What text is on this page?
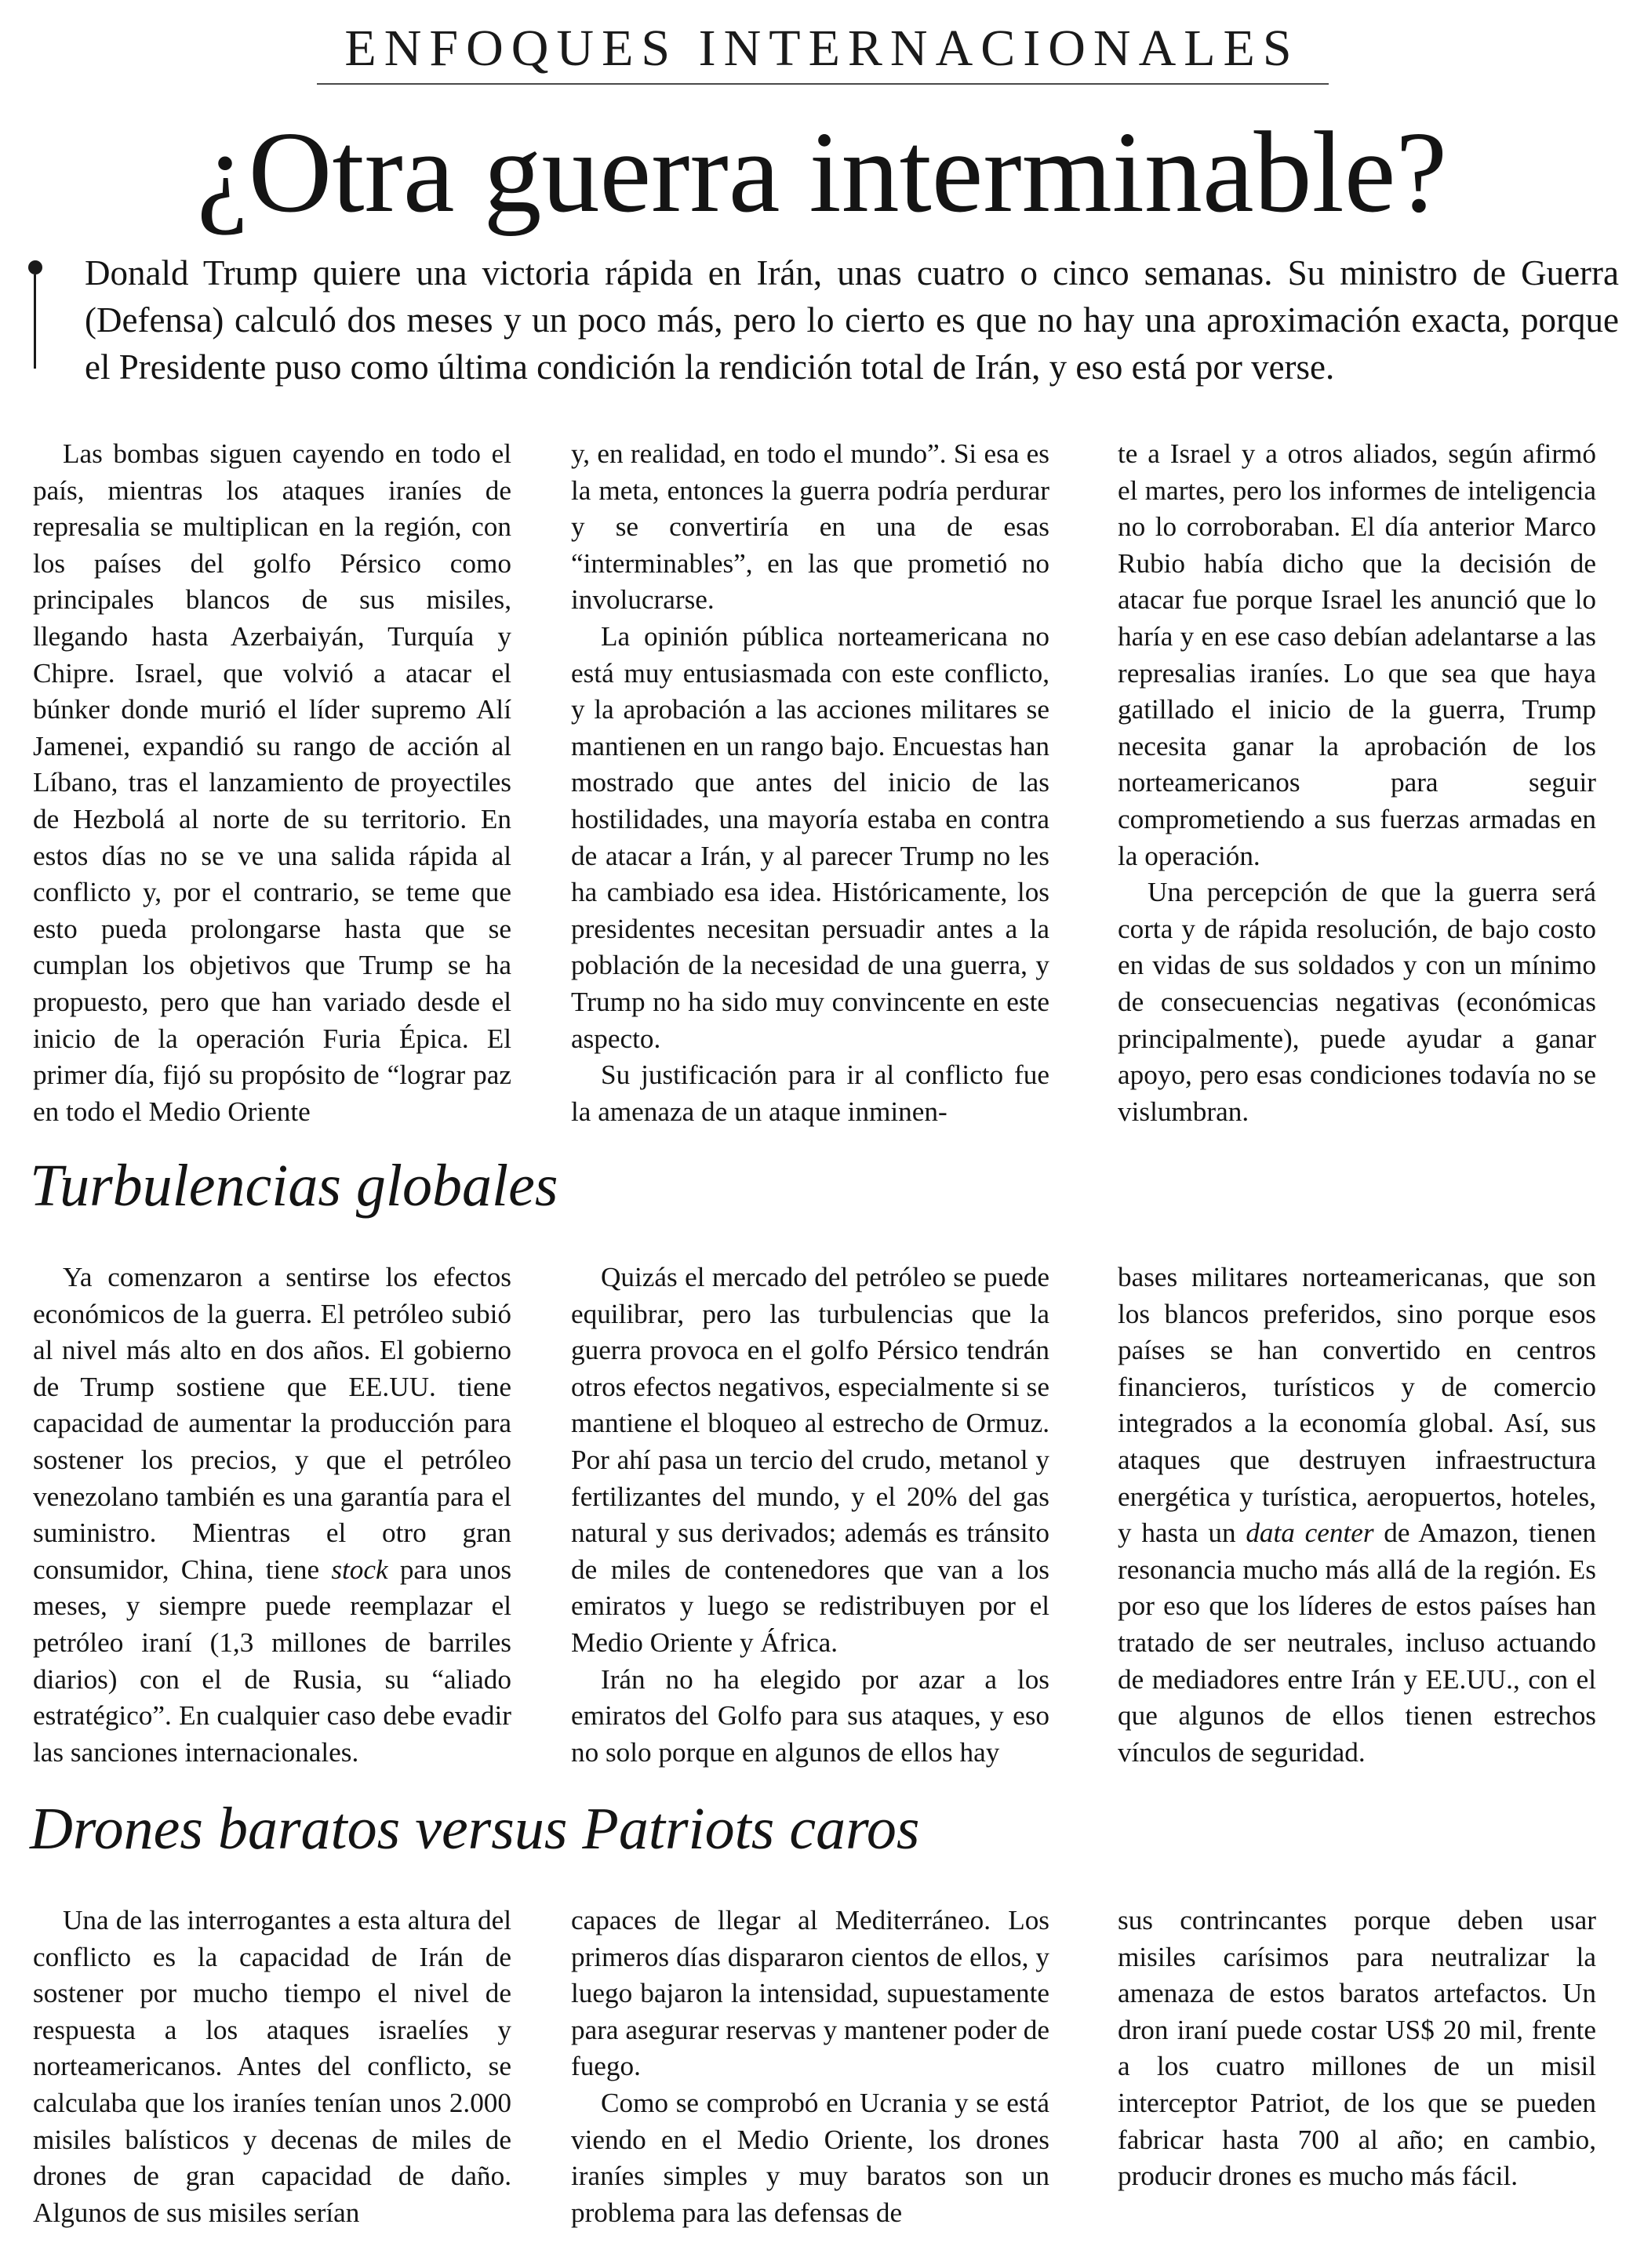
ENFOQUES INTERNACIONALES
¿Otra guerra interminable?
Donald Trump quiere una victoria rápida en Irán, unas cuatro o cinco semanas. Su ministro de Guerra (Defensa) calculó dos meses y un poco más, pero lo cierto es que no hay una aproximación exacta, porque el Presidente puso como última condición la rendición total de Irán, y eso está por verse.

Las bombas siguen cayendo en todo el país, mientras los ataques iraníes de represalia se multiplican en la región, con los países del golfo Pérsico como principales blancos de sus misiles, llegando hasta Azerbaiyán, Turquía y Chipre. Israel, que volvió a atacar el búnker donde murió el líder supremo Alí Jamenei, expandió su rango de acción al Líbano, tras el lanzamiento de proyectiles de Hezbolá al norte de su territorio. En estos días no se ve una salida rápida al conflicto y, por el contrario, se teme que esto pueda prolongarse hasta que se cumplan los objetivos que Trump se ha propuesto, pero que han variado desde el inicio de la operación Furia Épica. El primer día, fijó su propósito de “lograr paz en todo el Medio Oriente

y, en realidad, en todo el mundo”. Si esa es la meta, entonces la guerra podría perdurar y se convertiría en una de esas “interminables”, en las que prometió no involucrarse.

La opinión pública norteamericana no está muy entusiasmada con este conflicto, y la aprobación a las acciones militares se mantienen en un rango bajo. Encuestas han mostrado que antes del inicio de las hostilidades, una mayoría estaba en contra de atacar a Irán, y al parecer Trump no les ha cambiado esa idea. Históricamente, los presidentes necesitan persuadir antes a la población de la necesidad de una guerra, y Trump no ha sido muy convincente en este aspecto.

Su justificación para ir al conflicto fue la amenaza de un ataque inminen-

te a Israel y a otros aliados, según afirmó el martes, pero los informes de inteligencia no lo corroboraban. El día anterior Marco Rubio había dicho que la decisión de atacar fue porque Israel les anunció que lo haría y en ese caso debían adelantarse a las represalias iraníes. Lo que sea que haya gatillado el inicio de la guerra, Trump necesita ganar la aprobación de los norteamericanos para seguir comprometiendo a sus fuerzas armadas en la operación.

Una percepción de que la guerra será corta y de rápida resolución, de bajo costo en vidas de sus soldados y con un mínimo de consecuencias negativas (económicas principalmente), puede ayudar a ganar apoyo, pero esas condiciones todavía no se vislumbran.

Turbulencias globales

Ya comenzaron a sentirse los efectos económicos de la guerra. El petróleo subió al nivel más alto en dos años. El gobierno de Trump sostiene que EE.UU. tiene capacidad de aumentar la producción para sostener los precios, y que el petróleo venezolano también es una garantía para el suministro. Mientras el otro gran consumidor, China, tiene stock para unos meses, y siempre puede reemplazar el petróleo iraní (1,3 millones de barriles diarios) con el de Rusia, su “aliado estratégico”. En cualquier caso debe evadir las sanciones internacionales.

Quizás el mercado del petróleo se puede equilibrar, pero las turbulencias que la guerra provoca en el golfo Pérsico tendrán otros efectos negativos, especialmente si se mantiene el bloqueo al estrecho de Ormuz. Por ahí pasa un tercio del crudo, metanol y fertilizantes del mundo, y el 20% del gas natural y sus derivados; además es tránsito de miles de contenedores que van a los emiratos y luego se redistribuyen por el Medio Oriente y África.

Irán no ha elegido por azar a los emiratos del Golfo para sus ataques, y eso no solo porque en algunos de ellos hay

bases militares norteamericanas, que son los blancos preferidos, sino porque esos países se han convertido en centros financieros, turísticos y de comercio integrados a la economía global. Así, sus ataques que destruyen infraestructura energética y turística, aeropuertos, hoteles, y hasta un data center de Amazon, tienen resonancia mucho más allá de la región. Es por eso que los líderes de estos países han tratado de ser neutrales, incluso actuando de mediadores entre Irán y EE.UU., con el que algunos de ellos tienen estrechos vínculos de seguridad.

Drones baratos versus Patriots caros

Una de las interrogantes a esta altura del conflicto es la capacidad de Irán de sostener por mucho tiempo el nivel de respuesta a los ataques israelíes y norteamericanos. Antes del conflicto, se calculaba que los iraníes tenían unos 2.000 misiles balísticos y decenas de miles de drones de gran capacidad de daño. Algunos de sus misiles serían

capaces de llegar al Mediterráneo. Los primeros días dispararon cientos de ellos, y luego bajaron la intensidad, supuestamente para asegurar reservas y mantener poder de fuego.

Como se comprobó en Ucrania y se está viendo en el Medio Oriente, los drones iraníes simples y muy baratos son un problema para las defensas de

sus contrincantes porque deben usar misiles carísimos para neutralizar la amenaza de estos baratos artefactos. Un dron iraní puede costar US$ 20 mil, frente a los cuatro millones de un misil interceptor Patriot, de los que se pueden fabricar hasta 700 al año; en cambio, producir drones es mucho más fácil.
